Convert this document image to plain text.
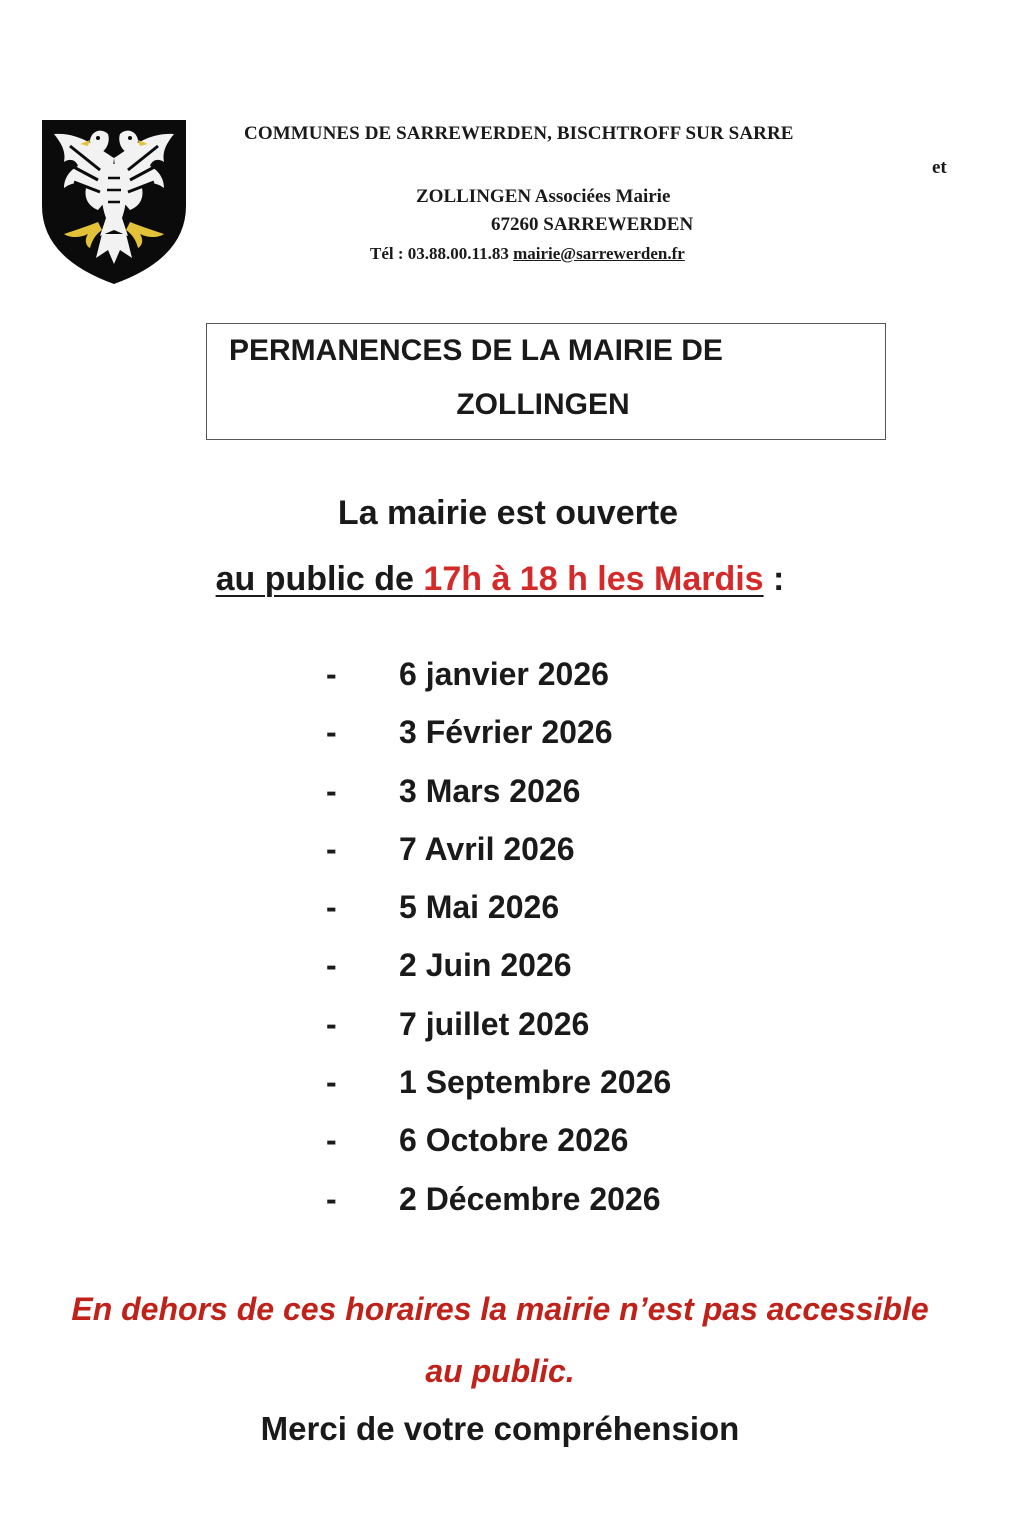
COMMUNES DE SARREWERDEN, BISCHTROFF SUR SARRE
et
ZOLLINGEN Associées Mairie
67260 SARREWERDEN
Tél : 03.88.00.11.83 mairie@sarrewerden.fr
PERMANENCES DE LA MAIRIE DE
ZOLLINGEN
La mairie est ouverte
au public de 17h à 18 h les Mardis :
- 6 janvier 2026
- 3 Février 2026
- 3 Mars 2026
- 7 Avril 2026
- 5 Mai 2026
- 2 Juin 2026
- 7 juillet 2026
- 1 Septembre 2026
- 6 Octobre 2026
- 2 Décembre 2026
En dehors de ces horaires la mairie n’est pas accessible
au public.
Merci de votre compréhension
